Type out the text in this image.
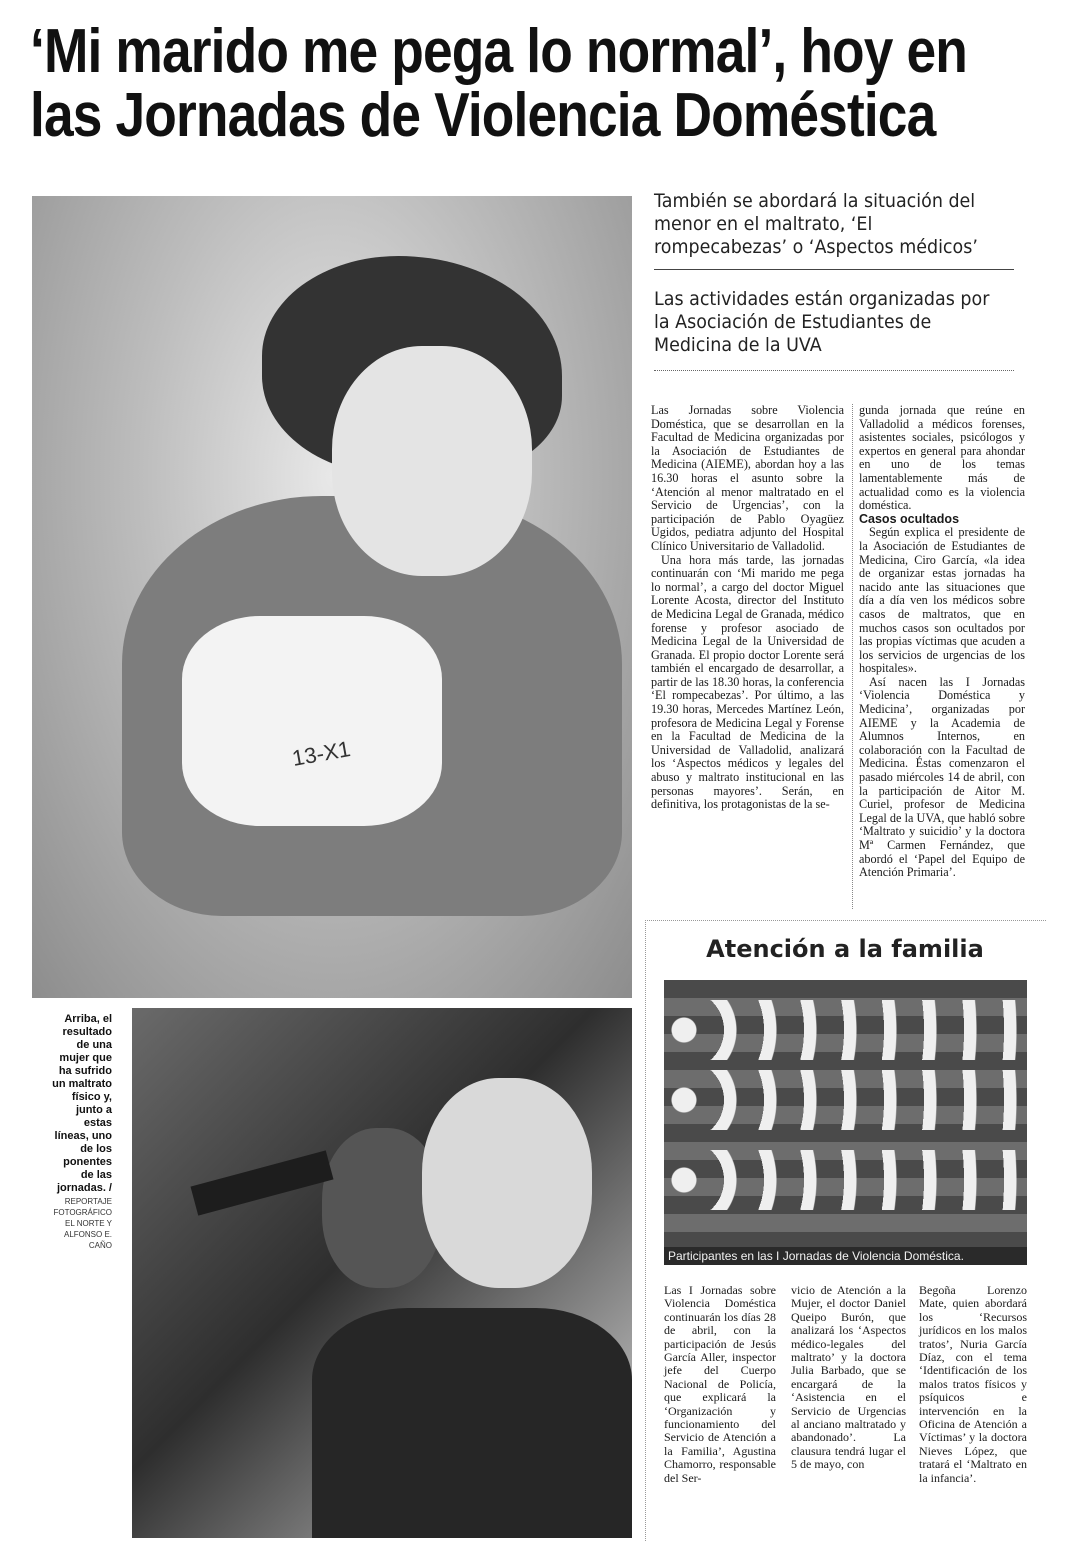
‘Mi marido me pega lo normal’, hoy en
las Jornadas de Violencia Doméstica
13-X1

También se abordará la situación del menor en el maltrato, ‘El rompecabezas’ o ‘Aspectos médicos’

Las actividades están organizadas por la Asociación de Estudiantes de Medicina de la UVA

Las Jornadas sobre Violencia Doméstica, que se desarrollan en la Facultad de Medicina organizadas por la Asociación de Estudiantes de Medicina (AIEME), abordan hoy a las 16.30 horas el asunto sobre la ‘Atención al menor maltratado en el Servicio de Urgencias’, con la participación de Pablo Oyagüez Ugidos, pediatra adjunto del Hospital Clínico Universitario de Valladolid.

Una hora más tarde, las jornadas continuarán con ‘Mi marido me pega lo normal’, a cargo del doctor Miguel Lorente Acosta, director del Instituto de Medicina Legal de Granada, médico forense y profesor asociado de Medicina Legal de la Universidad de Granada. El propio doctor Lorente será también el encargado de desarrollar, a partir de las 18.30 horas, la conferencia ‘El rompecabezas’. Por último, a las 19.30 horas, Mercedes Martínez León, profesora de Medicina Legal y Forense en la Facultad de Medicina de la Universidad de Valladolid, analizará los ‘Aspectos médicos y legales del abuso y maltrato institucional en las personas mayores’. Serán, en definitiva, los protagonistas de la se-

gunda jornada que reúne en Valladolid a médicos forenses, asistentes sociales, psicólogos y expertos en general para ahondar en uno de los temas lamentablemente más de actualidad como es la violencia doméstica.

Casos ocultados

Según explica el presidente de la Asociación de Estudiantes de Medicina, Ciro García, «la idea de organizar estas jornadas ha nacido ante las situaciones que día a día ven los médicos sobre casos de maltratos, que en muchos casos son ocultados por las propias víctimas que acuden a los servicios de urgencias de los hospitales».

Así nacen las I Jornadas ‘Violencia Doméstica y Medicina’, organizadas por AIEME y la Academia de Alumnos Internos, en colaboración con la Facultad de Medicina. Éstas comenzaron el pasado miércoles 14 de abril, con la participación de Aitor M. Curiel, profesor de Medicina Legal de la UVA, que habló sobre ‘Maltrato y suicidio’ y la doctora Mª Carmen Fernández, que abordó el ‘Papel del Equipo de Atención Primaria’.

Arriba, el resultado de una mujer que ha sufrido un maltrato físico y, junto a estas líneas, uno de los ponentes de las jornadas. /
REPORTAJE FOTOGRÁFICO EL NORTE Y ALFONSO E. CAÑO
Atención a la familia
Participantes en las I Jornadas de Violencia Doméstica.

Las I Jornadas sobre Violencia Doméstica continuarán los días 28 de abril, con la participación de Jesús García Aller, inspector jefe del Cuerpo Nacional de Policía, que explicará la ‘Organización y funcionamiento del Servicio de Atención a la Familia’, Agustina Chamorro, responsable del Ser-

vicio de Atención a la Mujer, el doctor Daniel Queipo Burón, que analizará los ‘Aspectos médico-legales del maltrato’ y la doctora Julia Barbado, que se encargará de la ‘Asistencia en el Servicio de Urgencias al anciano maltratado y abandonado’. La clausura tendrá lugar el 5 de mayo, con

Begoña Lorenzo Mate, quien abordará los ‘Recursos jurídicos en los malos tratos’, Nuria García Díaz, con el tema ‘Identificación de los malos tratos físicos y psíquicos e intervención en la Oficina de Atención a Víctimas’ y la doctora Nieves López, que tratará el ‘Maltrato en la infancia’.
